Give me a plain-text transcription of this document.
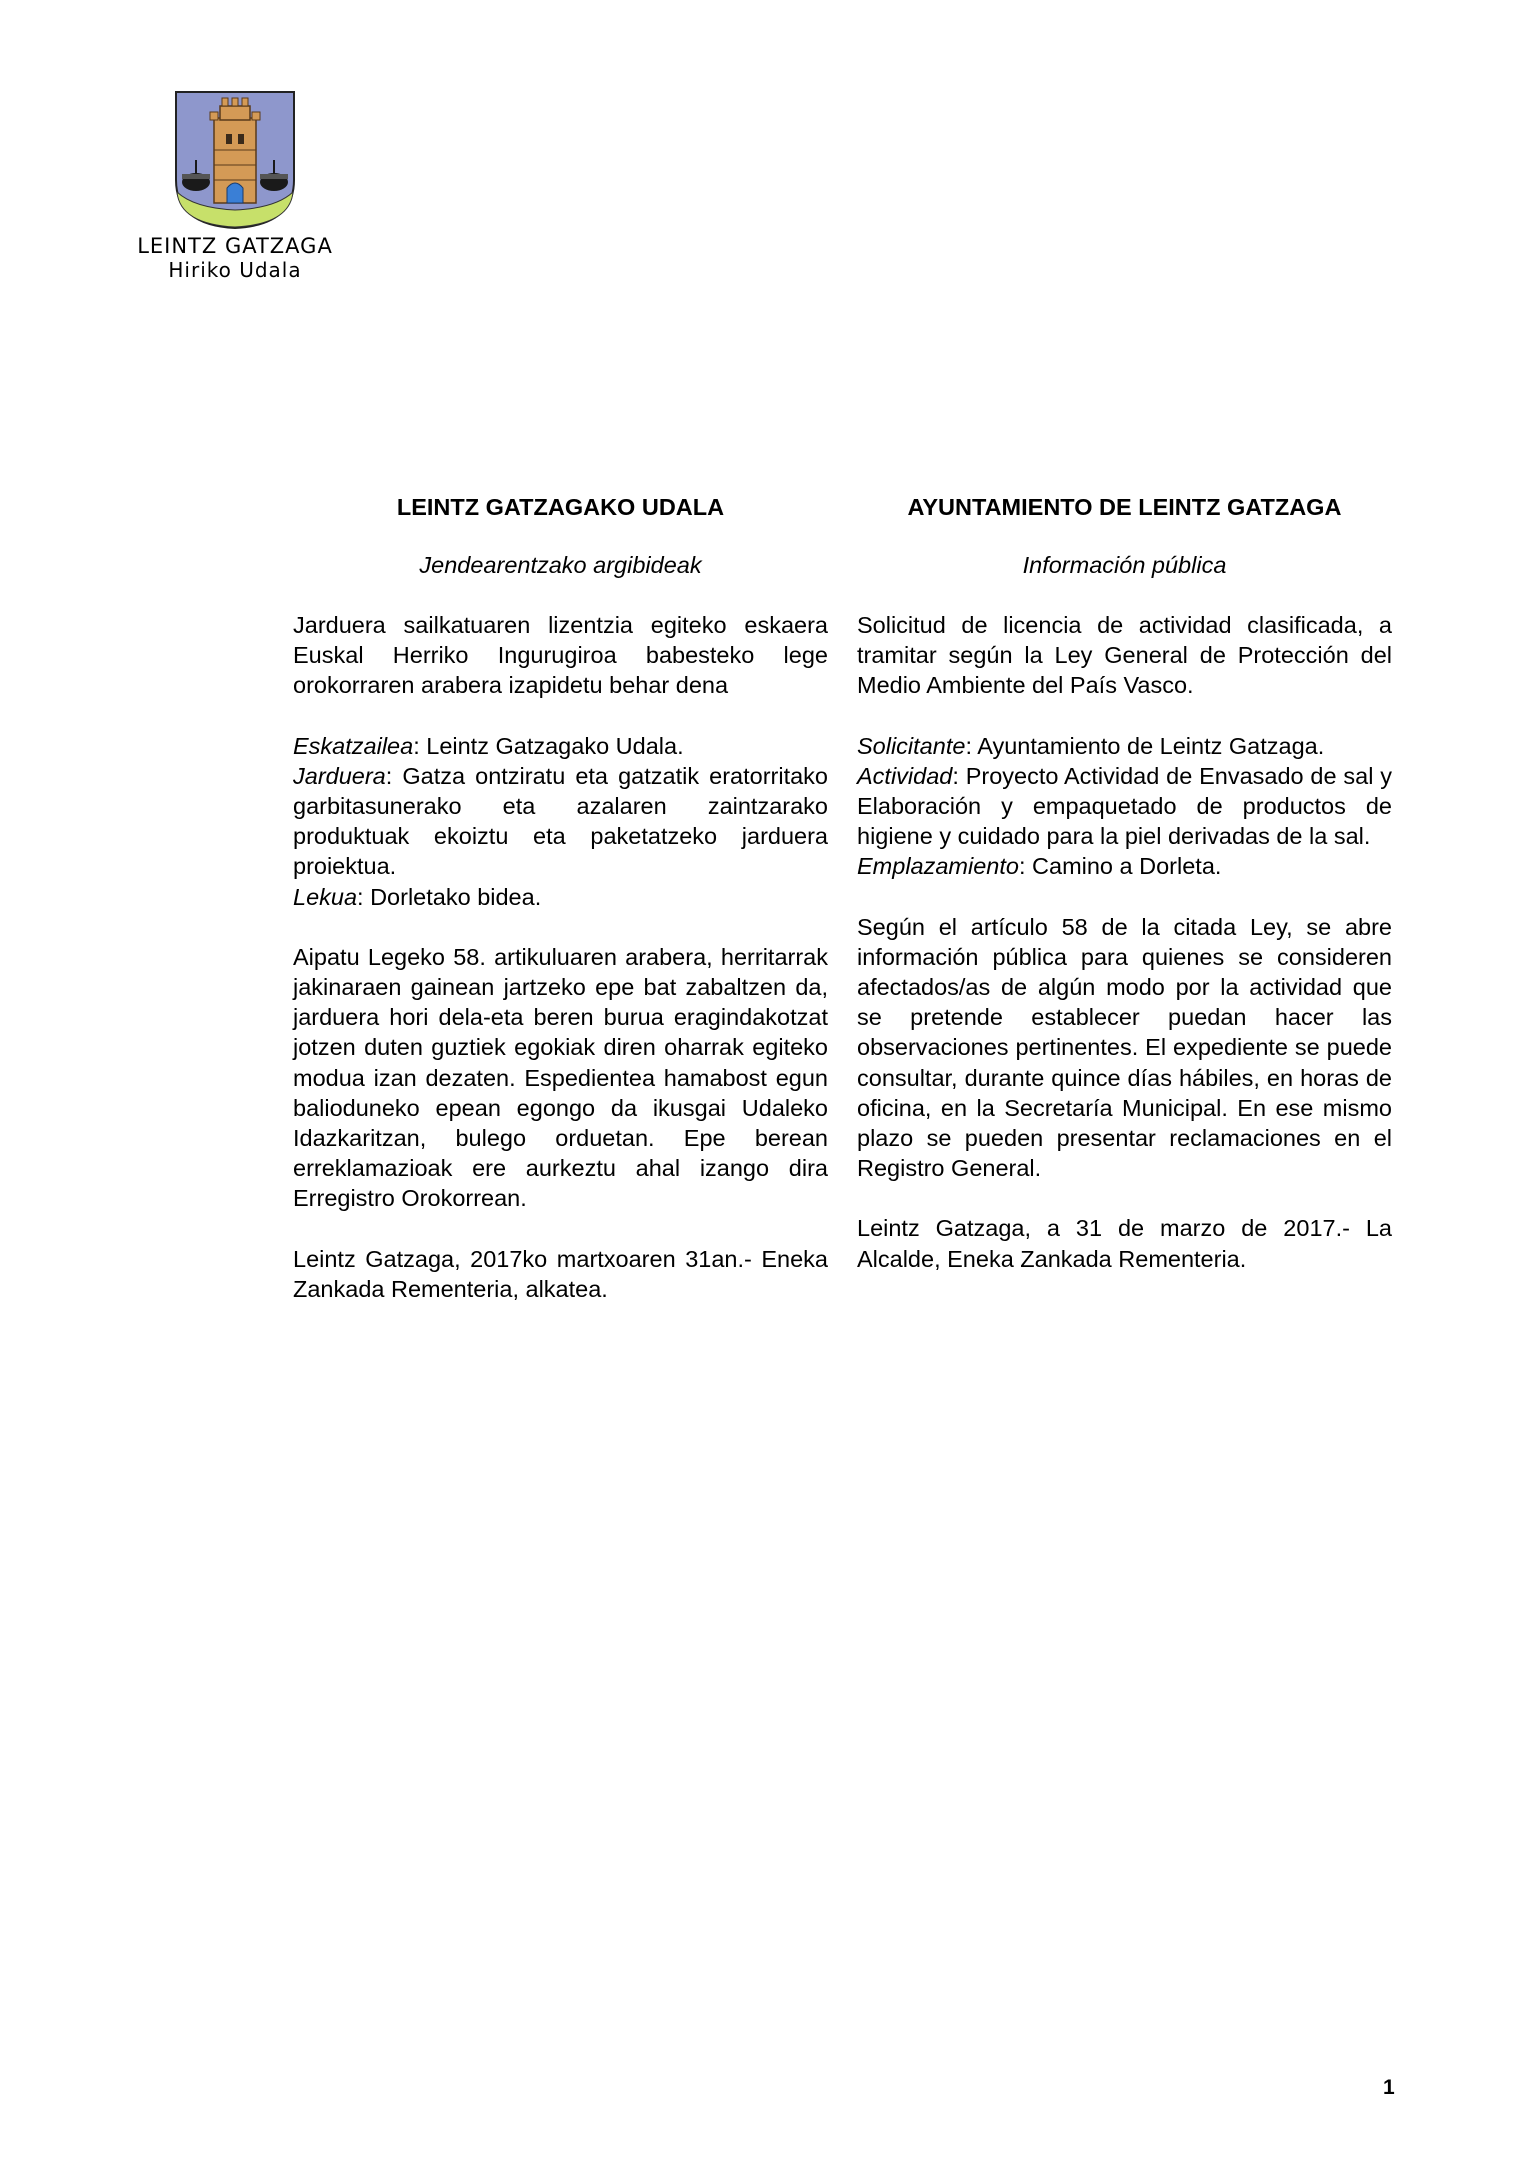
LEINTZ GATZAGA
Hiriko Udala
LEINTZ GATZAGAKO UDALA
Jendearentzako argibideak

Jarduera sailkatuaren lizentzia egiteko eskaera Euskal Herriko Ingurugiroa babesteko lege orokorraren arabera izapidetu behar dena

Eskatzailea: Leintz Gatzagako Udala.

Jarduera: Gatza ontziratu eta gatzatik eratorritako garbitasunerako eta azalaren zaintzarako produktuak ekoiztu eta paketatzeko jarduera proiektua.

Lekua: Dorletako bidea.

Aipatu Legeko 58. artikuluaren arabera, herritarrak jakinaraen gainean jartzeko epe bat zabaltzen da, jarduera hori dela-eta beren burua eragindakotzat jotzen duten guztiek egokiak diren oharrak egiteko modua izan dezaten. Espedientea hamabost egun balioduneko epean egongo da ikusgai Udaleko Idazkaritzan, bulego orduetan. Epe berean erreklamazioak ere aurkeztu ahal izango dira Erregistro Orokorrean.

Leintz Gatzaga, 2017ko martxoaren 31an.- Eneka Zankada Rementeria, alkatea.

AYUNTAMIENTO DE LEINTZ GATZAGA
Información pública

Solicitud de licencia de actividad clasificada, a tramitar según la Ley General de Protección del Medio Ambiente del País Vasco.

Solicitante: Ayuntamiento de Leintz Gatzaga.

Actividad: Proyecto Actividad de Envasado de sal y Elaboración y empaquetado de productos de higiene y cuidado para la piel derivadas de la sal.

Emplazamiento: Camino a Dorleta.

Según el artículo 58 de la citada Ley, se abre información pública para quienes se consideren afectados/as de algún modo por la actividad que se pretende establecer puedan hacer las observaciones pertinentes. El expediente se puede consultar, durante quince días hábiles, en horas de oficina, en la Secretaría Municipal. En ese mismo plazo se pueden presentar reclamaciones en el Registro General.

Leintz Gatzaga, a 31 de marzo de 2017.- La Alcalde, Eneka Zankada Rementeria.

1
